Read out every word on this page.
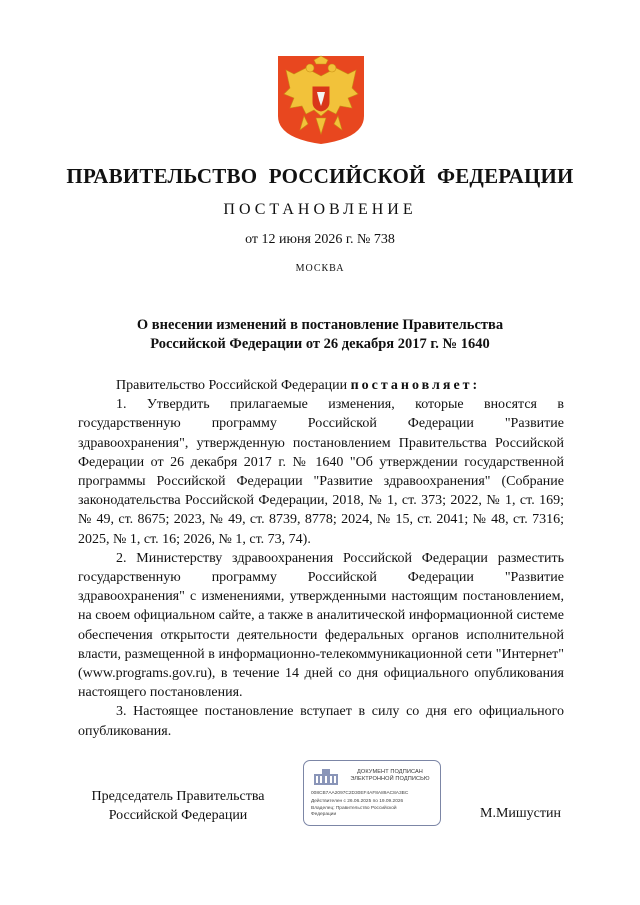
ПРАВИТЕЛЬСТВО РОССИЙСКОЙ ФЕДЕРАЦИИ
ПОСТАНОВЛЕНИЕ
от 12 июня 2026 г. № 738
МОСКВА
О внесении изменений в постановление Правительства
Российской Федерации от 26 декабря 2017 г. № 1640

Правительство Российской Федерации постановляет:

1. Утвердить прилагаемые изменения, которые вносятся в государственную программу Российской Федерации "Развитие здравоохранения", утвержденную постановлением Правительства Российской Федерации от 26 декабря 2017 г. № 1640 "Об утверждении государственной программы Российской Федерации "Развитие здравоохранения" (Собрание законодательства Российской Федерации, 2018, № 1, ст. 373; 2022, № 1, ст. 169; № 49, ст. 8675; 2023, № 49, ст. 8739, 8778; 2024, № 15, ст. 2041; № 48, ст. 7316; 2025, № 1, ст. 16; 2026, № 1, ст. 73, 74).

2. Министерству здравоохранения Российской Федерации разместить государственную программу Российской Федерации "Развитие здравоохранения" с изменениями, утвержденными настоящим постановлением, на своем официальном сайте, а также в аналитической информационной системе обеспечения открытости деятельности федеральных органов исполнительной власти, размещенной в информационно-телекоммуникационной сети "Интернет" (www.programs.gov.ru), в течение 14 дней со дня официального опубликования настоящего постановления.

3. Настоящее постановление вступает в силу со дня его официального опубликования.

Председатель Правительства
Российской Федерации
ДОКУМЕНТ ПОДПИСАН
ЭЛЕКТРОННОЙ ПОДПИСЬЮ
008CB7AA2097C2D30EF4AF8A89AC8A3BC
Действителен с 26.06.2025 по 19.09.2026
Владелец: Правительство Российской
Федерации	М.Мишустин
